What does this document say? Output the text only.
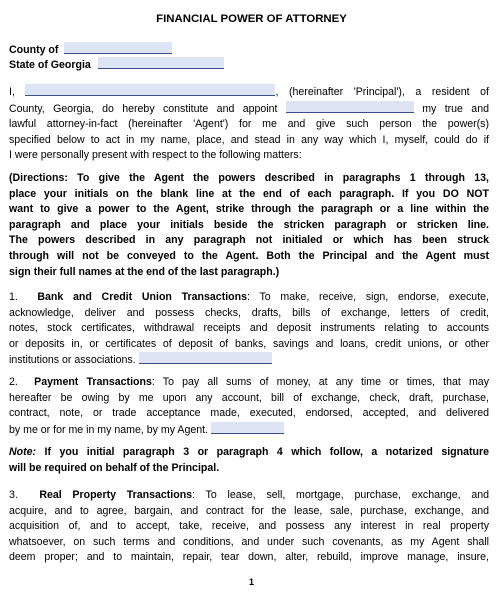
FINANCIAL POWER OF ATTORNEY
County of
State of Georgia
I,	, (hereinafter 'Principal'), a resident of
County, Georgia, do hereby constitute and appoint	my true and
lawful attorney-in-fact (hereinafter 'Agent') for me and give such person the power(s)
specified below to act in my name, place, and stead in any way which I, myself, could do if
I were personally present with respect to the following matters:
(Directions: To give the Agent the powers described in paragraphs 1 through 13,
place your initials on the blank line at the end of each paragraph. If you DO NOT
want to give a power to the Agent, strike through the paragraph or a line within the
paragraph and place your initials beside the stricken paragraph or stricken line.
The powers described in any paragraph not initialed or which has been struck
through will not be conveyed to the Agent. Both the Principal and the Agent must
sign their full names at the end of the last paragraph.)
1. Bank and Credit Union Transactions: To make, receive, sign, endorse, execute,
acknowledge, deliver and possess checks, drafts, bills of exchange, letters of credit,
notes, stock certificates, withdrawal receipts and deposit instruments relating to accounts
or deposits in, or certificates of deposit of banks, savings and loans, credit unions, or other
institutions or associations.
2. Payment Transactions: To pay all sums of money, at any time or times, that may
hereafter be owing by me upon any account, bill of exchange, check, draft, purchase,
contract, note, or trade acceptance made, executed, endorsed, accepted, and delivered
by me or for me in my name, by my Agent.
Note: If you initial paragraph 3 or paragraph 4 which follow, a notarized signature
will be required on behalf of the Principal.
3. Real Property Transactions: To lease, sell, mortgage, purchase, exchange, and
acquire, and to agree, bargain, and contract for the lease, sale, purchase, exchange, and
acquisition of, and to accept, take, receive, and possess any interest in real property
whatsoever, on such terms and conditions, and under such covenants, as my Agent shall
deem proper; and to maintain, repair, tear down, alter, rebuild, improve manage, insure,
1
